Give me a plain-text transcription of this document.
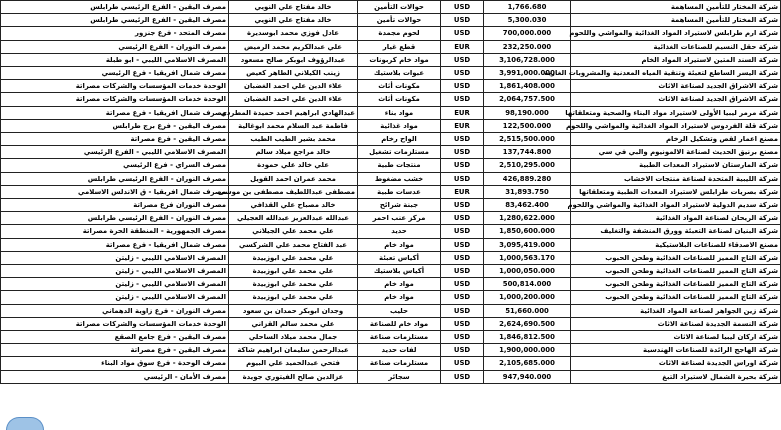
شركة المختار للتأمين المساهمة	1,766.680	USD	حوالات التأمين	خالد مفتاح علي النويي	مصرف اليقين - الفرع الرئيسي طرابلس
شركة المختار للتأمين المساهمة	5,300.030	USD	حوالات تأمين	خالد مفتاح علي النويي	مصرف اليقين - الفرع الرئيسي طرابلس
شركة ارم طرابلس لاستيراد المواد الغذائية والمواشي واللحوم	700,000.000	USD	لحوم مجمدة	عادل فوزي محمد ابوسديرة	مصرف المتحد - فرع جنزور
شركة حقل النسيم للصناعات الغذائية	232,250.000	EUR	قطع غيار	علي عبدالكريم محمد الرميض	مصرف النوران - الفرع الرئيسي
شركة السند المتين لاستيراد المواد الخام	3,106,728.000	USD	مواد خام كربونات	عبدالرؤوف ابوبكر صالح مسعود	المصرف الاسلامي الليبي - ابو طبلة
شركة اليسر الساطع لتعبئة وتنقية المياه المعدنية والمشروبات الغازية	3,991,000.000	USD	عبوات بلاستيك	زينب الكيلاني الطاهر كعيص	مصرف شمال افريقيا - فرع الرئيسي
شركة الاشراق الجديد لصناعة الاثاث	1,861,408.000	USD	مكونات أثاث	علاء الدين علي احمد الغضبان	الوحدة خدمات المؤسسات والشركات مصراتة
شركة الاشراق الجديد لصناعة الاثاث	2,064,757.500	USD	مكونات أثاث	علاء الدين علي احمد الغضبان	الوحدة خدمات المؤسسات والشركات مصراتة
شركة مرمر ليبيا الأولى لاستيراد مواد البناء والصحية ومتعلقاتها	98,190.000	EUR	مواد بناء	عبدالهادي ابراهيم احمد حميدة المطردي	مصرف شمال افريقيا - فرع مصراتة
شركة قلة الفردوس لاستيراد المواد الغذائية والمواشي واللحوم	122,500.000	EUR	مواد غذائية	فاطمة عبد السلام محمد ابوغالية	مصرف اليقين - فرع برج طرابلس
مصنع اعمار لقص وتشكيل الرخام	2,515,500.000	USD	الواح رخام	محمد بشير الطيب الطيب	مصرف اليقين - فرع مصراتة
مصنع برنيق الحديث لصناعة الالمونيوم والبي في سي	137,744.800	USD	مستلزمات تشغيل	خالد مراجع ميلاد سالم	المصرف الاسلامي الليبي - الفرع الرئيسي
شركة المارستان لاستيراد المعدات الطبية	2,510,295.000	USD	منتجات طبية	علي خالد علي حمودة	مصرف السراي - فرع الرئيسي
شركة الليبية المتحدة لصناعة منتجات الاخشاب	426,889.280	USD	خشب مضغوط	محمد عمران احمد القويل	مصرف النوران - الفرع الرئيسي طرابلس
شركة بصريات طرابلس لاستيراد المعدات الطبية ومتعلقاتها	31,893.750	EUR	عدسات طبية	مصطفى عبداللطيف مصطفى بن موسى	مصرف شمال افريقيا - ق الاندلس الاسلامي
شركة سديم الدولية لاستيراد المواد الغذائية والمواشي واللحوم	83,462.400	USD	جبنة شرائح	خالد مصباح علي القذافي	مصرف النوران فرع مصراتة
شركة الريحان لصناعة المواد الغذائية	1,280,622.000	USD	مركز عنب احمر	عبدالله عبدالعزيز عبدالله العجيلي	مصرف النوران - الفرع الرئيسي طرابلس
شركة البنيان لصناعة التعبئة وورق المنشفة والتغليف	1,850,600.000	USD	حديد	علي محمد علي الجيلاني	مصرف الجمهورية - المنطقة الحرة مصراتة
مصنع الاصدقاء للصناعات البلاستيكية	3,095,419.000	USD	مواد خام	عبد الفتاح محمد علي الشركسي	مصرف شمال افريقيا - فرع مصراتة
شركة التاج المميز للصناعات الغذائية وطحن الحبوب	1,000,563.170	USD	أكياس تعبئة	علي محمد علي ابوزبيدة	المصرف الاسلامي الليبي - زليتن
شركة التاج المميز للصناعات الغذائية وطحن الحبوب	1,000,050.000	USD	أكياس بلاستيك	علي محمد علي ابوزبيدة	المصرف الاسلامي الليبي - زليتن
شركة التاج المميز للصناعات الغذائية وطحن الحبوب	500,814.000	USD	مواد خام	علي محمد علي ابوزبيدة	المصرف الاسلامي الليبي - زليتن
شركة التاج المميز للصناعات الغذائية وطحن الحبوب	1,000,200.000	USD	مواد خام	علي محمد علي ابوزبيدة	المصرف الاسلامي الليبي - زليتن
شركة زين الجواهر لصناعة المواد الغذائية	51,660.000	USD	حليب	وجدان ابوبكر حمدان بن سعود	مصرف النوران - فرع زاوية الدهماني
شركة النسمة الجديدة لصناعة الاثاث	2,624,690.500	USD	مواد خام للصناعة	علي محمد سالم القزاني	الوحدة خدمات المؤسسات والشركات مصراتة
شركة اركان ليبيا لصناعة الاثاث	1,846,812.500	USD	مستلزمات صناعة	جمال محمد ميلاد الساحلي	مصرف اليقين - فرع جامع الصقع
شركة الهاجج الرائدة للصناعات الهندسية	1,900,000.000	USD	لفات حديد	عبدالرحمن سليمان ابراهيم شاكة	مصرف اليقين - فرع مصراتة
شركة اوراس الجديدة لصناعة الاثاث	2,105,685.000	USD	مستلزمات صناعة	فتحي عبدالحميد علي البيوم	مصرف الوحدة - فرع سوق مواد البناء
شركة بحيرة الشمال لاستيراد التبغ	947,940.000	USD	سجائر	عزالدين صالح الفيتوري جويدة	مصرف الأمان - الرئيسي
